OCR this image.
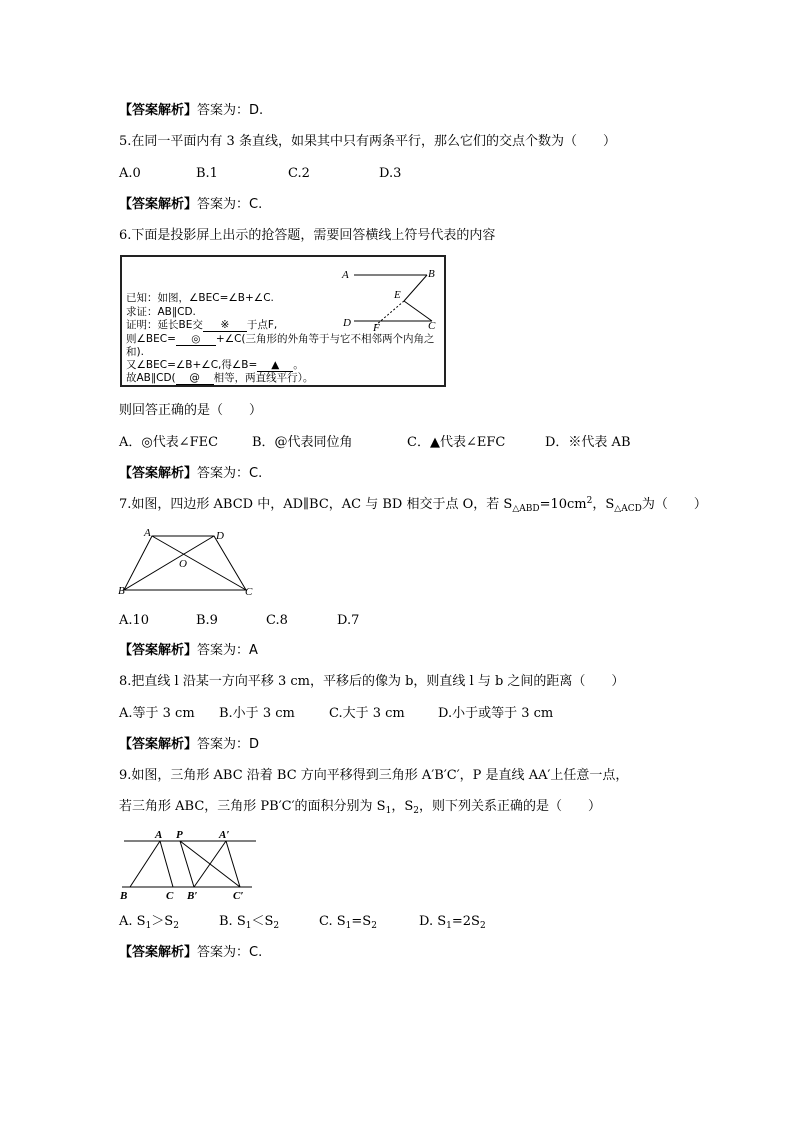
【答案解析】答案为：D.
5.在同一平面内有 3 条直线，如果其中只有两条平行，那么它们的交点个数为（　　）
A.0	B.1	C.2	D.3
【答案解析】答案为：C.
6.下面是投影屏上出示的抢答题，需要回答横线上符号代表的内容
A	B
E
D F	C
已知：如图，∠BEC=∠B+∠C.
求证：AB∥CD.
证明：延长BE交 ※ 于点F,
则∠BEC= ◎ +∠C(三角形的外角等于与它不相邻两个内角之
和).
又∠BEC=∠B+∠C,得∠B= ▲ 。
故AB∥CD( @ 相等，两直线平行）。
则回答正确的是（　　）
A．◎代表∠FEC	B．@代表同位角	C．▲代表∠EFC	D．※代表 AB
【答案解析】答案为：C.
7.如图，四边形 ABCD 中，AD∥BC，AC 与 BD 相交于点 O，若 $S_{\triangle ABD}=10cm^2$，$S_{\triangle ACD}$为（　　）
A	D
O
B	C
A.10	B.9	C.8	D.7
【答案解析】答案为：A
8.把直线 l 沿某一方向平移 3 cm，平移后的像为 b，则直线 l 与 b 之间的距离（　　）
A.等于 3 cm B.小于 3 cm	C.大于 3 cm	D.小于或等于 3 cm
【答案解析】答案为：D
9.如图，三角形 ABC 沿着 BC 方向平移得到三角形 A′B′C′，P 是直线 AA′上任意一点，
若三角形 ABC，三角形 PB′C′的面积分别为 $S_1$，$S_2$，则下列关系正确的是（　　）
A P	A′
B	C B′	C′
A. $S_1>S_2$	B. $S_1<S_2$	C. $S_1=S_2$	D. $S_1=2S_2$
【答案解析】答案为：C.
